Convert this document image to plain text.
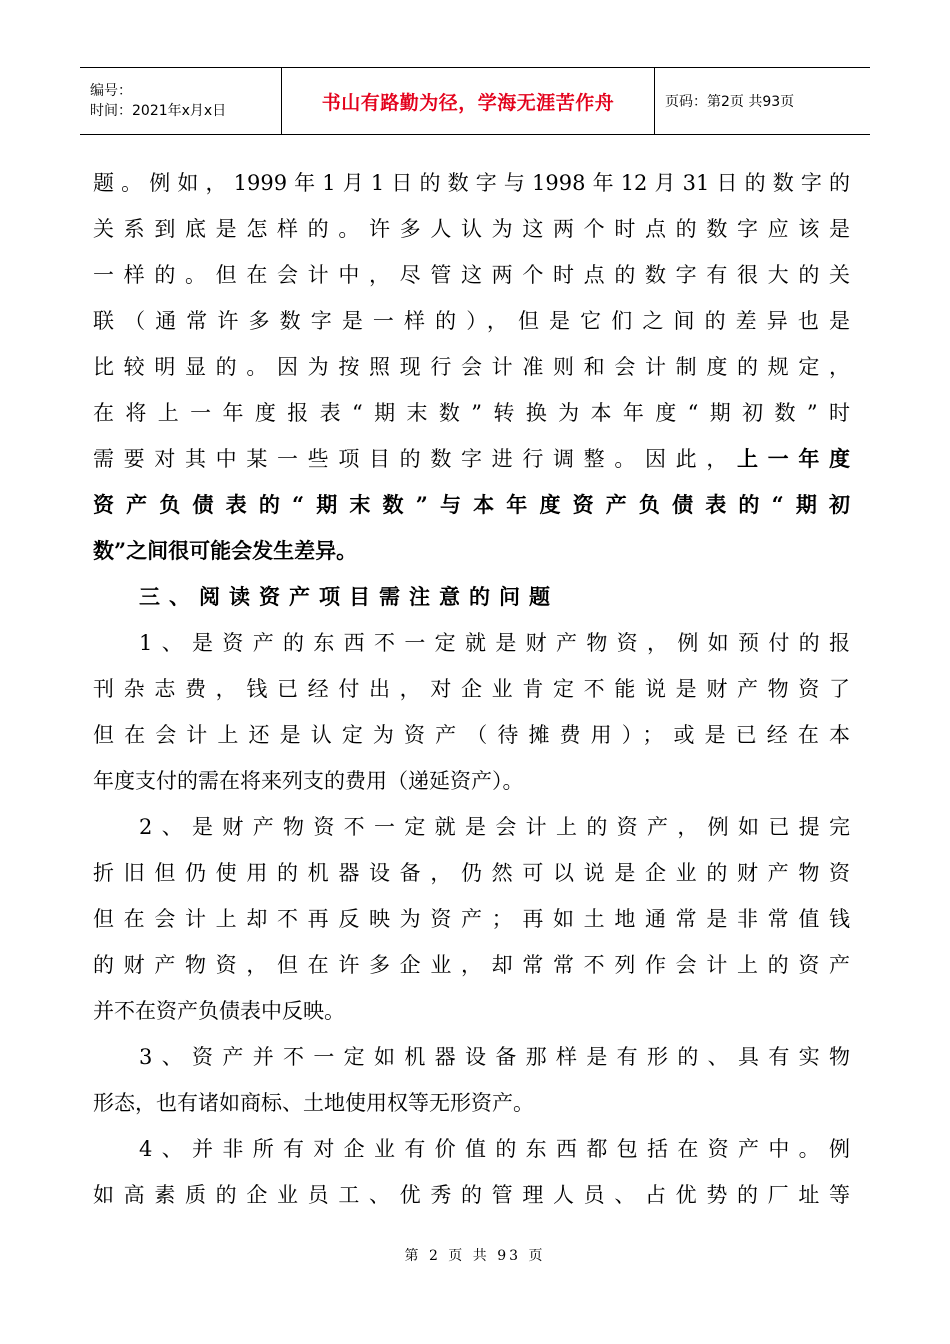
编号：
时间：2021年x月x日	书山有路勤为径，学海无涯苦作舟	页码：第2页 共93页
题。例如，1999年1月1日的数字与1998年12月31日的数字的
关系到底是怎样的。许多人认为这两个时点的数字应该是
一样的。但在会计中，尽管这两个时点的数字有很大的关
联（通常许多数字是一样的），但是它们之间的差异也是
比较明显的。因为按照现行会计准则和会计制度的规定，
在将上一年度报表“期末数”转换为本年度“期初数”时
需要对其中某一些项目的数字进行调整。因此，上一年度
资产负债表的“期末数”与本年度资产负债表的“期初
数”之间很可能会发生差异。
三、阅读资产项目需注意的问题
1、是资产的东西不一定就是财产物资，例如预付的报
刊杂志费，钱已经付出，对企业肯定不能说是财产物资了
但在会计上还是认定为资产（待摊费用）；或是已经在本
年度支付的需在将来列支的费用（递延资产）。
2、是财产物资不一定就是会计上的资产，例如已提完
折旧但仍使用的机器设备，仍然可以说是企业的财产物资
但在会计上却不再反映为资产；再如土地通常是非常值钱
的财产物资，但在许多企业，却常常不列作会计上的资产
并不在资产负债表中反映。
3、资产并不一定如机器设备那样是有形的、具有实物
形态，也有诸如商标、土地使用权等无形资产。
4、并非所有对企业有价值的东西都包括在资产中。例
如高素质的企业员工、优秀的管理人员、占优势的厂址等
第 2 页 共 93 页
